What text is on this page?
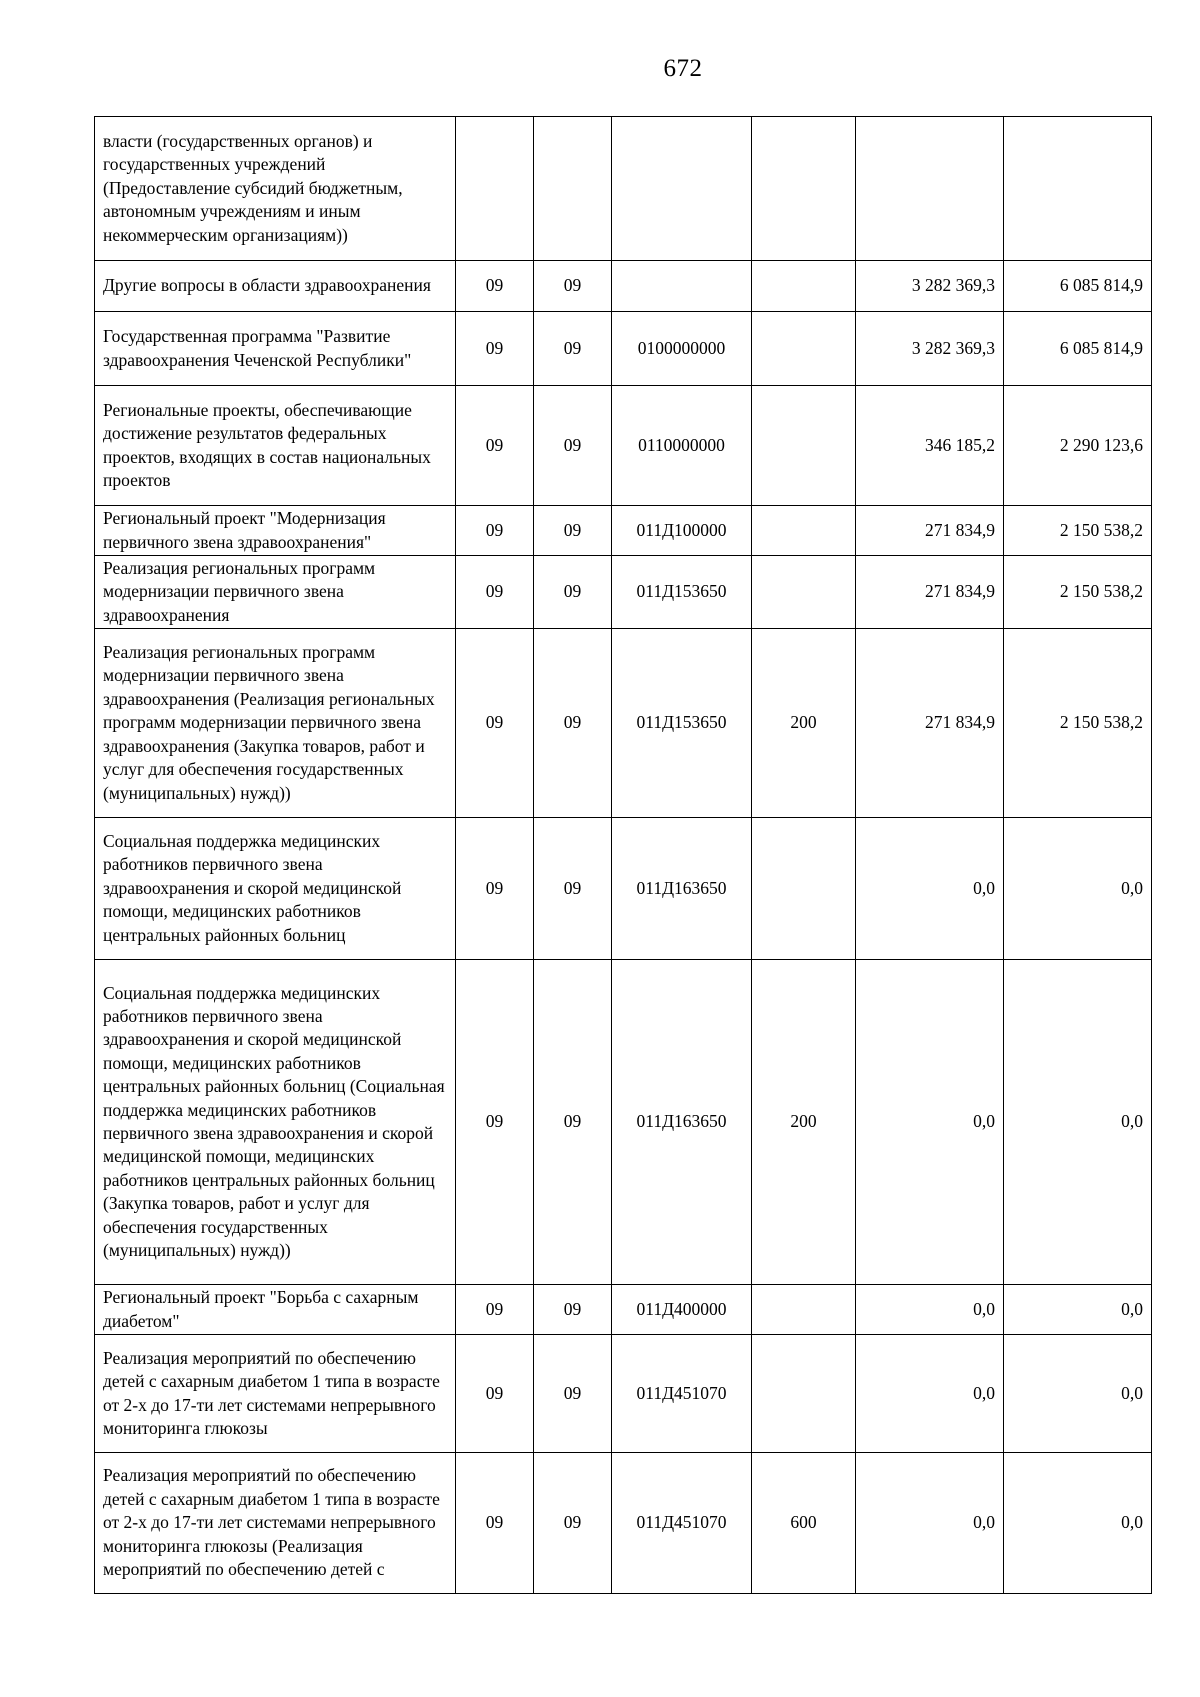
672
власти (государственных органов) и государственных учреждений (Предоставление субсидий бюджетным, автономным учреждениям и иным некоммерческим организациям))						
Другие вопросы в области здравоохранения	09	09			3 282 369,3	6 085 814,9
Государственная программа "Развитие здравоохранения Чеченской Республики"	09	09	0100000000		3 282 369,3	6 085 814,9
Региональные проекты, обеспечивающие достижение результатов федеральных проектов, входящих в состав национальных проектов	09	09	0110000000		346 185,2	2 290 123,6
Региональный проект "Модернизация первичного звена здравоохранения"	09	09	011Д100000		271 834,9	2 150 538,2
Реализация региональных программ модернизации первичного звена здравоохранения	09	09	011Д153650		271 834,9	2 150 538,2
Реализация региональных программ модернизации первичного звена здравоохранения (Реализация региональных программ модернизации первичного звена здравоохранения (Закупка товаров, работ и услуг для обеспечения государственных (муниципальных) нужд))	09	09	011Д153650	200	271 834,9	2 150 538,2
Социальная поддержка медицинских работников первичного звена здравоохранения и скорой медицинской помощи, медицинских работников центральных районных больниц	09	09	011Д163650		0,0	0,0
Социальная поддержка медицинских работников первичного звена здравоохранения и скорой медицинской помощи, медицинских работников центральных районных больниц (Социальная поддержка медицинских работников первичного звена здравоохранения и скорой медицинской помощи, медицинских работников центральных районных больниц (Закупка товаров, работ и услуг для обеспечения государственных (муниципальных) нужд))	09	09	011Д163650	200	0,0	0,0
Региональный проект "Борьба с сахарным диабетом"	09	09	011Д400000		0,0	0,0
Реализация мероприятий по обеспечению детей с сахарным диабетом 1 типа в возрасте от 2-х до 17-ти лет системами непрерывного мониторинга глюкозы	09	09	011Д451070		0,0	0,0
Реализация мероприятий по обеспечению детей с сахарным диабетом 1 типа в возрасте от 2-х до 17-ти лет системами непрерывного мониторинга глюкозы (Реализация мероприятий по обеспечению детей с	09	09	011Д451070	600	0,0	0,0
